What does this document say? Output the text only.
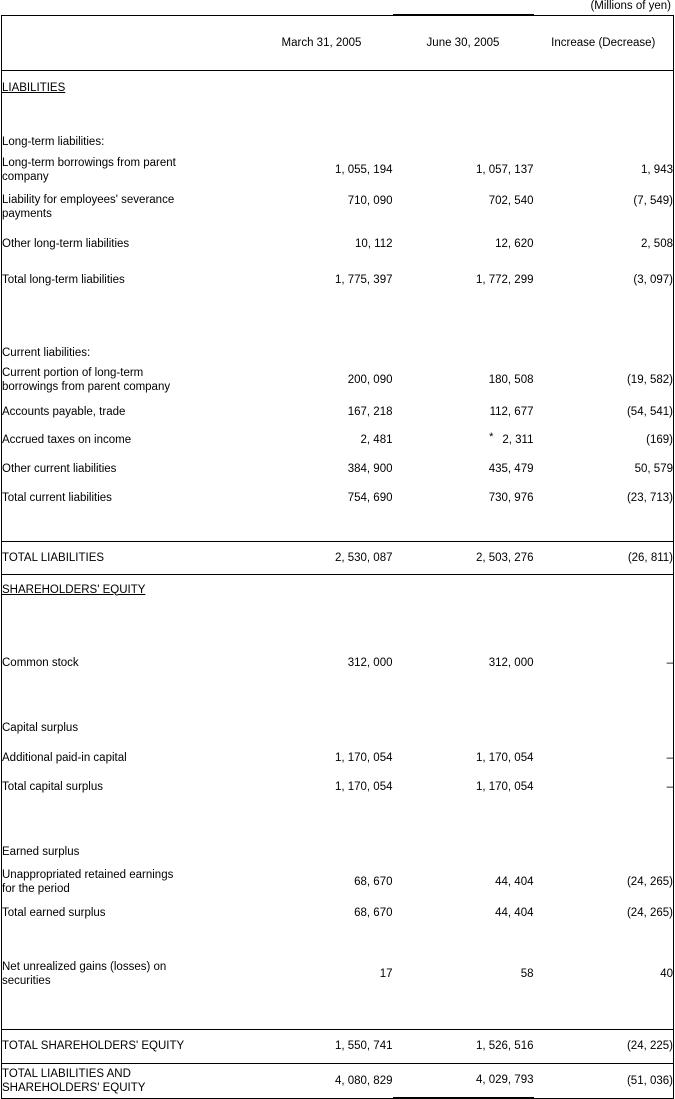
(Millions of yen)
	March 31, 2005	June 30, 2005	Increase (Decrease)
LIABILITIES			
Long-term liabilities:			
Long-term borrowings from parent
company	1, 055, 194	1, 057, 137	1, 943
Liability for employees' severance
payments	710, 090	702, 540	(7, 549)
Other long-term liabilities	10, 112	12, 620	2, 508
Total long-term liabilities	1, 775, 397	1, 772, 299	(3, 097)

Current liabilities:			
Current portion of long-term
borrowings from parent company	200, 090	180, 508	(19, 582)
Accounts payable, trade	167, 218	112, 677	(54, 541)
Accrued taxes on income	2, 481	* 2, 311	(169)
Other current liabilities	384, 900	435, 479	50, 579
Total current liabilities	754, 690	730, 976	(23, 713)

TOTAL LIABILITIES	2, 530, 087	2, 503, 276	(26, 811)
SHAREHOLDERS' EQUITY			

Common stock	312, 000	312, 000	–

Capital surplus			
Additional paid-in capital	1, 170, 054	1, 170, 054	–
Total capital surplus	1, 170, 054	1, 170, 054	–

Earned surplus			
Unappropriated retained earnings
for the period	68, 670	44, 404	(24, 265)
Total earned surplus	68, 670	44, 404	(24, 265)

Net unrealized gains (losses) on
securities	17	58	40

TOTAL SHAREHOLDERS' EQUITY	1, 550, 741	1, 526, 516	(24, 225)
TOTAL LIABILITIES AND
SHAREHOLDERS' EQUITY	4, 080, 829	4, 029, 793	(51, 036)
